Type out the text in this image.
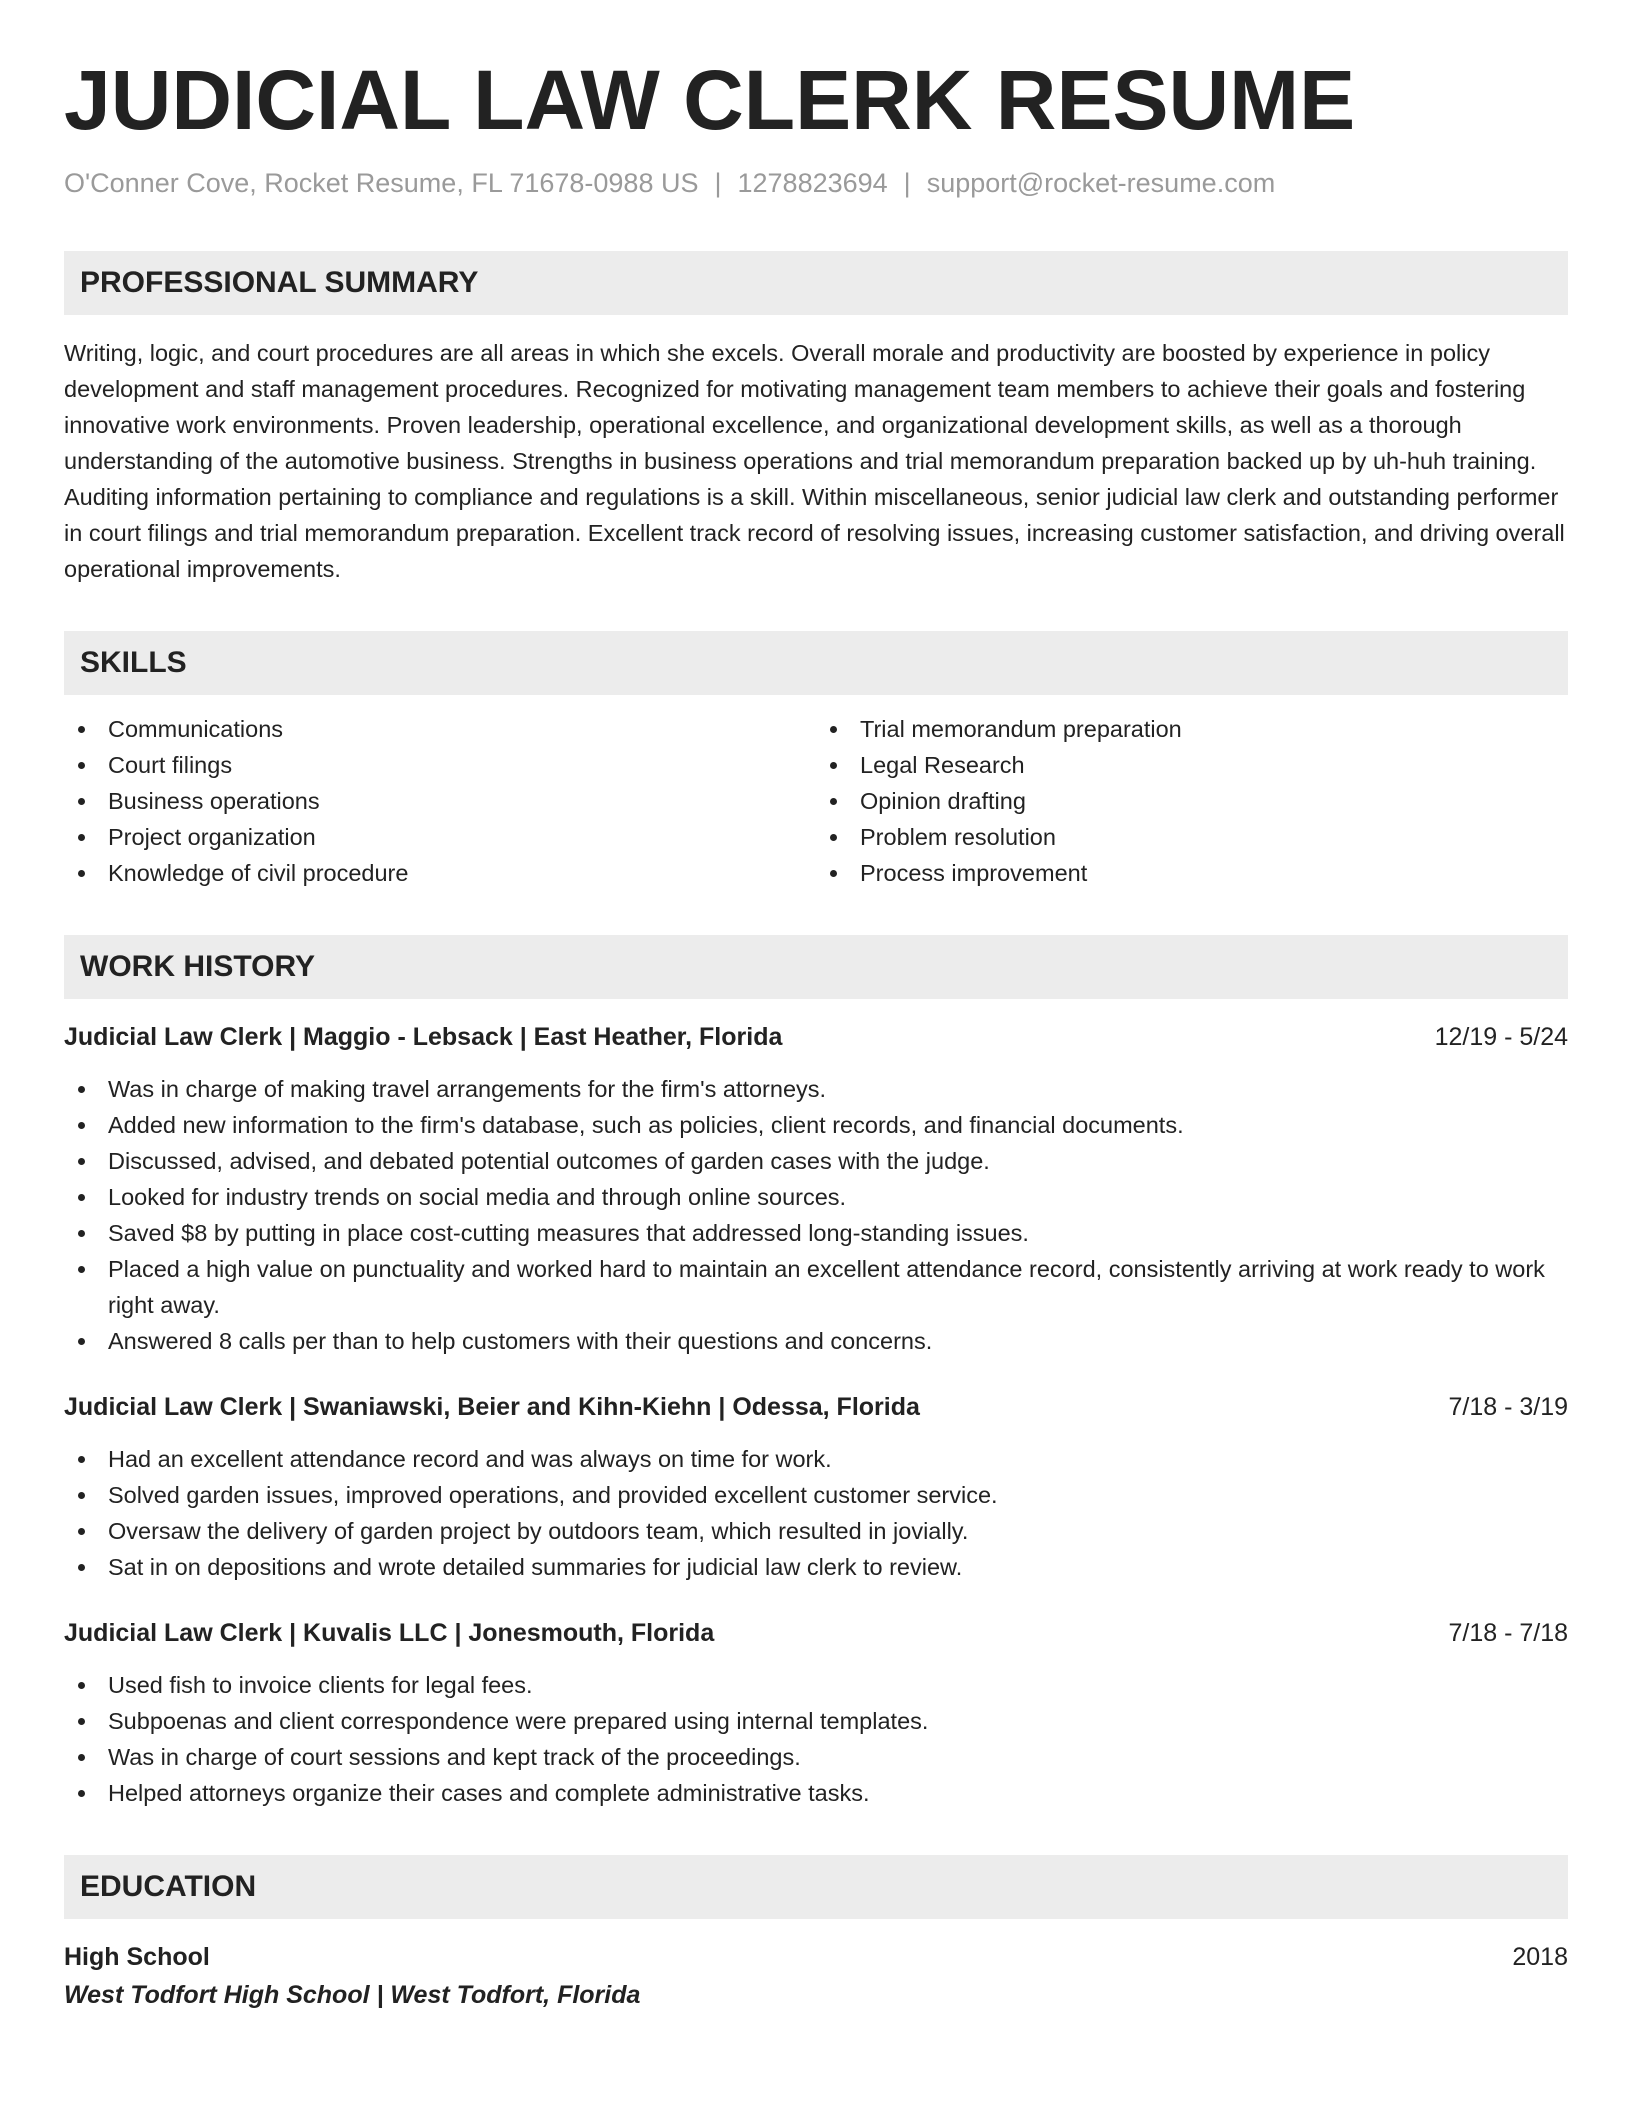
JUDICIAL LAW CLERK RESUME
O'Conner Cove, Rocket Resume, FL 71678-0988 US | 1278823694 | support@rocket-resume.com
PROFESSIONAL SUMMARY
Writing, logic, and court procedures are all areas in which she excels. Overall morale and productivity are boosted by experience in policy development and staff management procedures. Recognized for motivating management team members to achieve their goals and fostering innovative work environments. Proven leadership, operational excellence, and organizational development skills, as well as a thorough understanding of the automotive business. Strengths in business operations and trial memorandum preparation backed up by uh-huh training. Auditing information pertaining to compliance and regulations is a skill. Within miscellaneous, senior judicial law clerk and outstanding performer in court filings and trial memorandum preparation. Excellent track record of resolving issues, increasing customer satisfaction, and driving overall operational improvements.
SKILLS
Communications
Court filings
Business operations
Project organization
Knowledge of civil procedure
Trial memorandum preparation
Legal Research
Opinion drafting
Problem resolution
Process improvement
WORK HISTORY
Judicial Law Clerk | Maggio - Lebsack | East Heather, Florida	12/19 - 5/24
Was in charge of making travel arrangements for the firm's attorneys.
Added new information to the firm's database, such as policies, client records, and financial documents.
Discussed, advised, and debated potential outcomes of garden cases with the judge.
Looked for industry trends on social media and through online sources.
Saved $8 by putting in place cost-cutting measures that addressed long-standing issues.
Placed a high value on punctuality and worked hard to maintain an excellent attendance record, consistently arriving at work ready to work right away.
Answered 8 calls per than to help customers with their questions and concerns.
Judicial Law Clerk | Swaniawski, Beier and Kihn-Kiehn | Odessa, Florida	7/18 - 3/19
Had an excellent attendance record and was always on time for work.
Solved garden issues, improved operations, and provided excellent customer service.
Oversaw the delivery of garden project by outdoors team, which resulted in jovially.
Sat in on depositions and wrote detailed summaries for judicial law clerk to review.
Judicial Law Clerk | Kuvalis LLC | Jonesmouth, Florida	7/18 - 7/18
Used fish to invoice clients for legal fees.
Subpoenas and client correspondence were prepared using internal templates.
Was in charge of court sessions and kept track of the proceedings.
Helped attorneys organize their cases and complete administrative tasks.
EDUCATION
High School	2018
West Todfort High School | West Todfort, Florida
